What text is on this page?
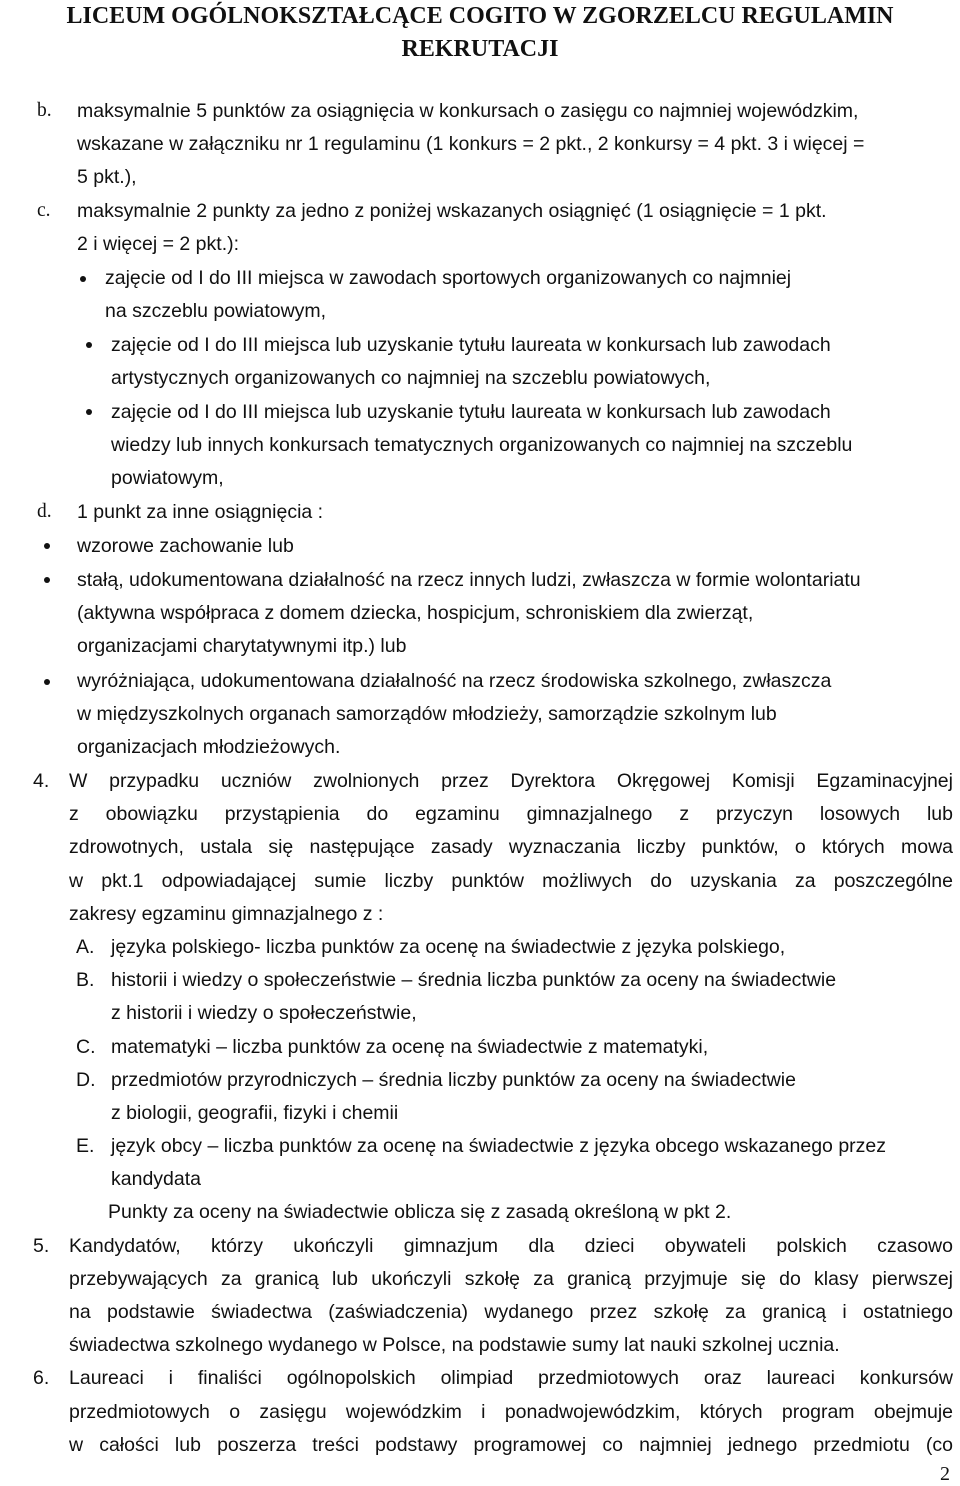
LICEUM OGÓLNOKSZTAŁCĄCE COGITO W ZGORZELCU REGULAMIN
REKRUTACJI
b. maksymalnie 5 punktów za osiągnięcia w konkursach o zasięgu co najmniej wojewódzkim,
wskazane w załączniku nr 1 regulaminu (1 konkurs = 2 pkt., 2 konkursy = 4 pkt. 3 i więcej =
5 pkt.),
c. maksymalnie 2 punkty za jedno z poniżej wskazanych osiągnięć (1 osiągnięcie = 1 pkt.
2 i więcej = 2 pkt.):
zajęcie od I do III miejsca w zawodach sportowych organizowanych co najmniej
na szczeblu powiatowym,
zajęcie od I do III miejsca lub uzyskanie tytułu laureata w konkursach lub zawodach
artystycznych organizowanych co najmniej na szczeblu powiatowych,
zajęcie od I do III miejsca lub uzyskanie tytułu laureata w konkursach lub zawodach
wiedzy lub innych konkursach tematycznych organizowanych co najmniej na szczeblu
powiatowym,
d. 1 punkt za inne osiągnięcia :
wzorowe zachowanie lub
stałą, udokumentowana działalność na rzecz innych ludzi, zwłaszcza w formie wolontariatu
(aktywna współpraca z domem dziecka, hospicjum, schroniskiem dla zwierząt,
organizacjami charytatywnymi itp.) lub
wyróżniająca, udokumentowana działalność na rzecz środowiska szkolnego, zwłaszcza
w międzyszkolnych organach samorządów młodzieży, samorządzie szkolnym lub
organizacjach młodzieżowych.
4. W przypadku uczniów zwolnionych przez Dyrektora Okręgowej Komisji Egzaminacyjnej
z obowiązku przystąpienia do egzaminu gimnazjalnego z przyczyn losowych lub
zdrowotnych, ustala się następujące zasady wyznaczania liczby punktów, o których mowa
w pkt.1 odpowiadającej sumie liczby punktów możliwych do uzyskania za poszczególne
zakresy egzaminu gimnazjalnego z :
A. języka polskiego- liczba punktów za ocenę na świadectwie z języka polskiego,
B. historii i wiedzy o społeczeństwie – średnia liczba punktów za oceny na świadectwie
z historii i wiedzy o społeczeństwie,
C. matematyki – liczba punktów za ocenę na świadectwie z matematyki,
D. przedmiotów przyrodniczych – średnia liczby punktów za oceny na świadectwie
z biologii, geografii, fizyki i chemii
E. język obcy – liczba punktów za ocenę na świadectwie z języka obcego wskazanego przez
kandydata
Punkty za oceny na świadectwie oblicza się z zasadą określoną w pkt 2.
5. Kandydatów, którzy ukończyli gimnazjum dla dzieci obywateli polskich czasowo
przebywających za granicą lub ukończyli szkołę za granicą przyjmuje się do klasy pierwszej
na podstawie świadectwa (zaświadczenia) wydanego przez szkołę za granicą i ostatniego
świadectwa szkolnego wydanego w Polsce, na podstawie sumy lat nauki szkolnej ucznia.
6. Laureaci i finaliści ogólnopolskich olimpiad przedmiotowych oraz laureaci konkursów
przedmiotowych o zasięgu wojewódzkim i ponadwojewódzkim, których program obejmuje
w całości lub poszerza treści podstawy programowej co najmniej jednego przedmiotu (co
2
